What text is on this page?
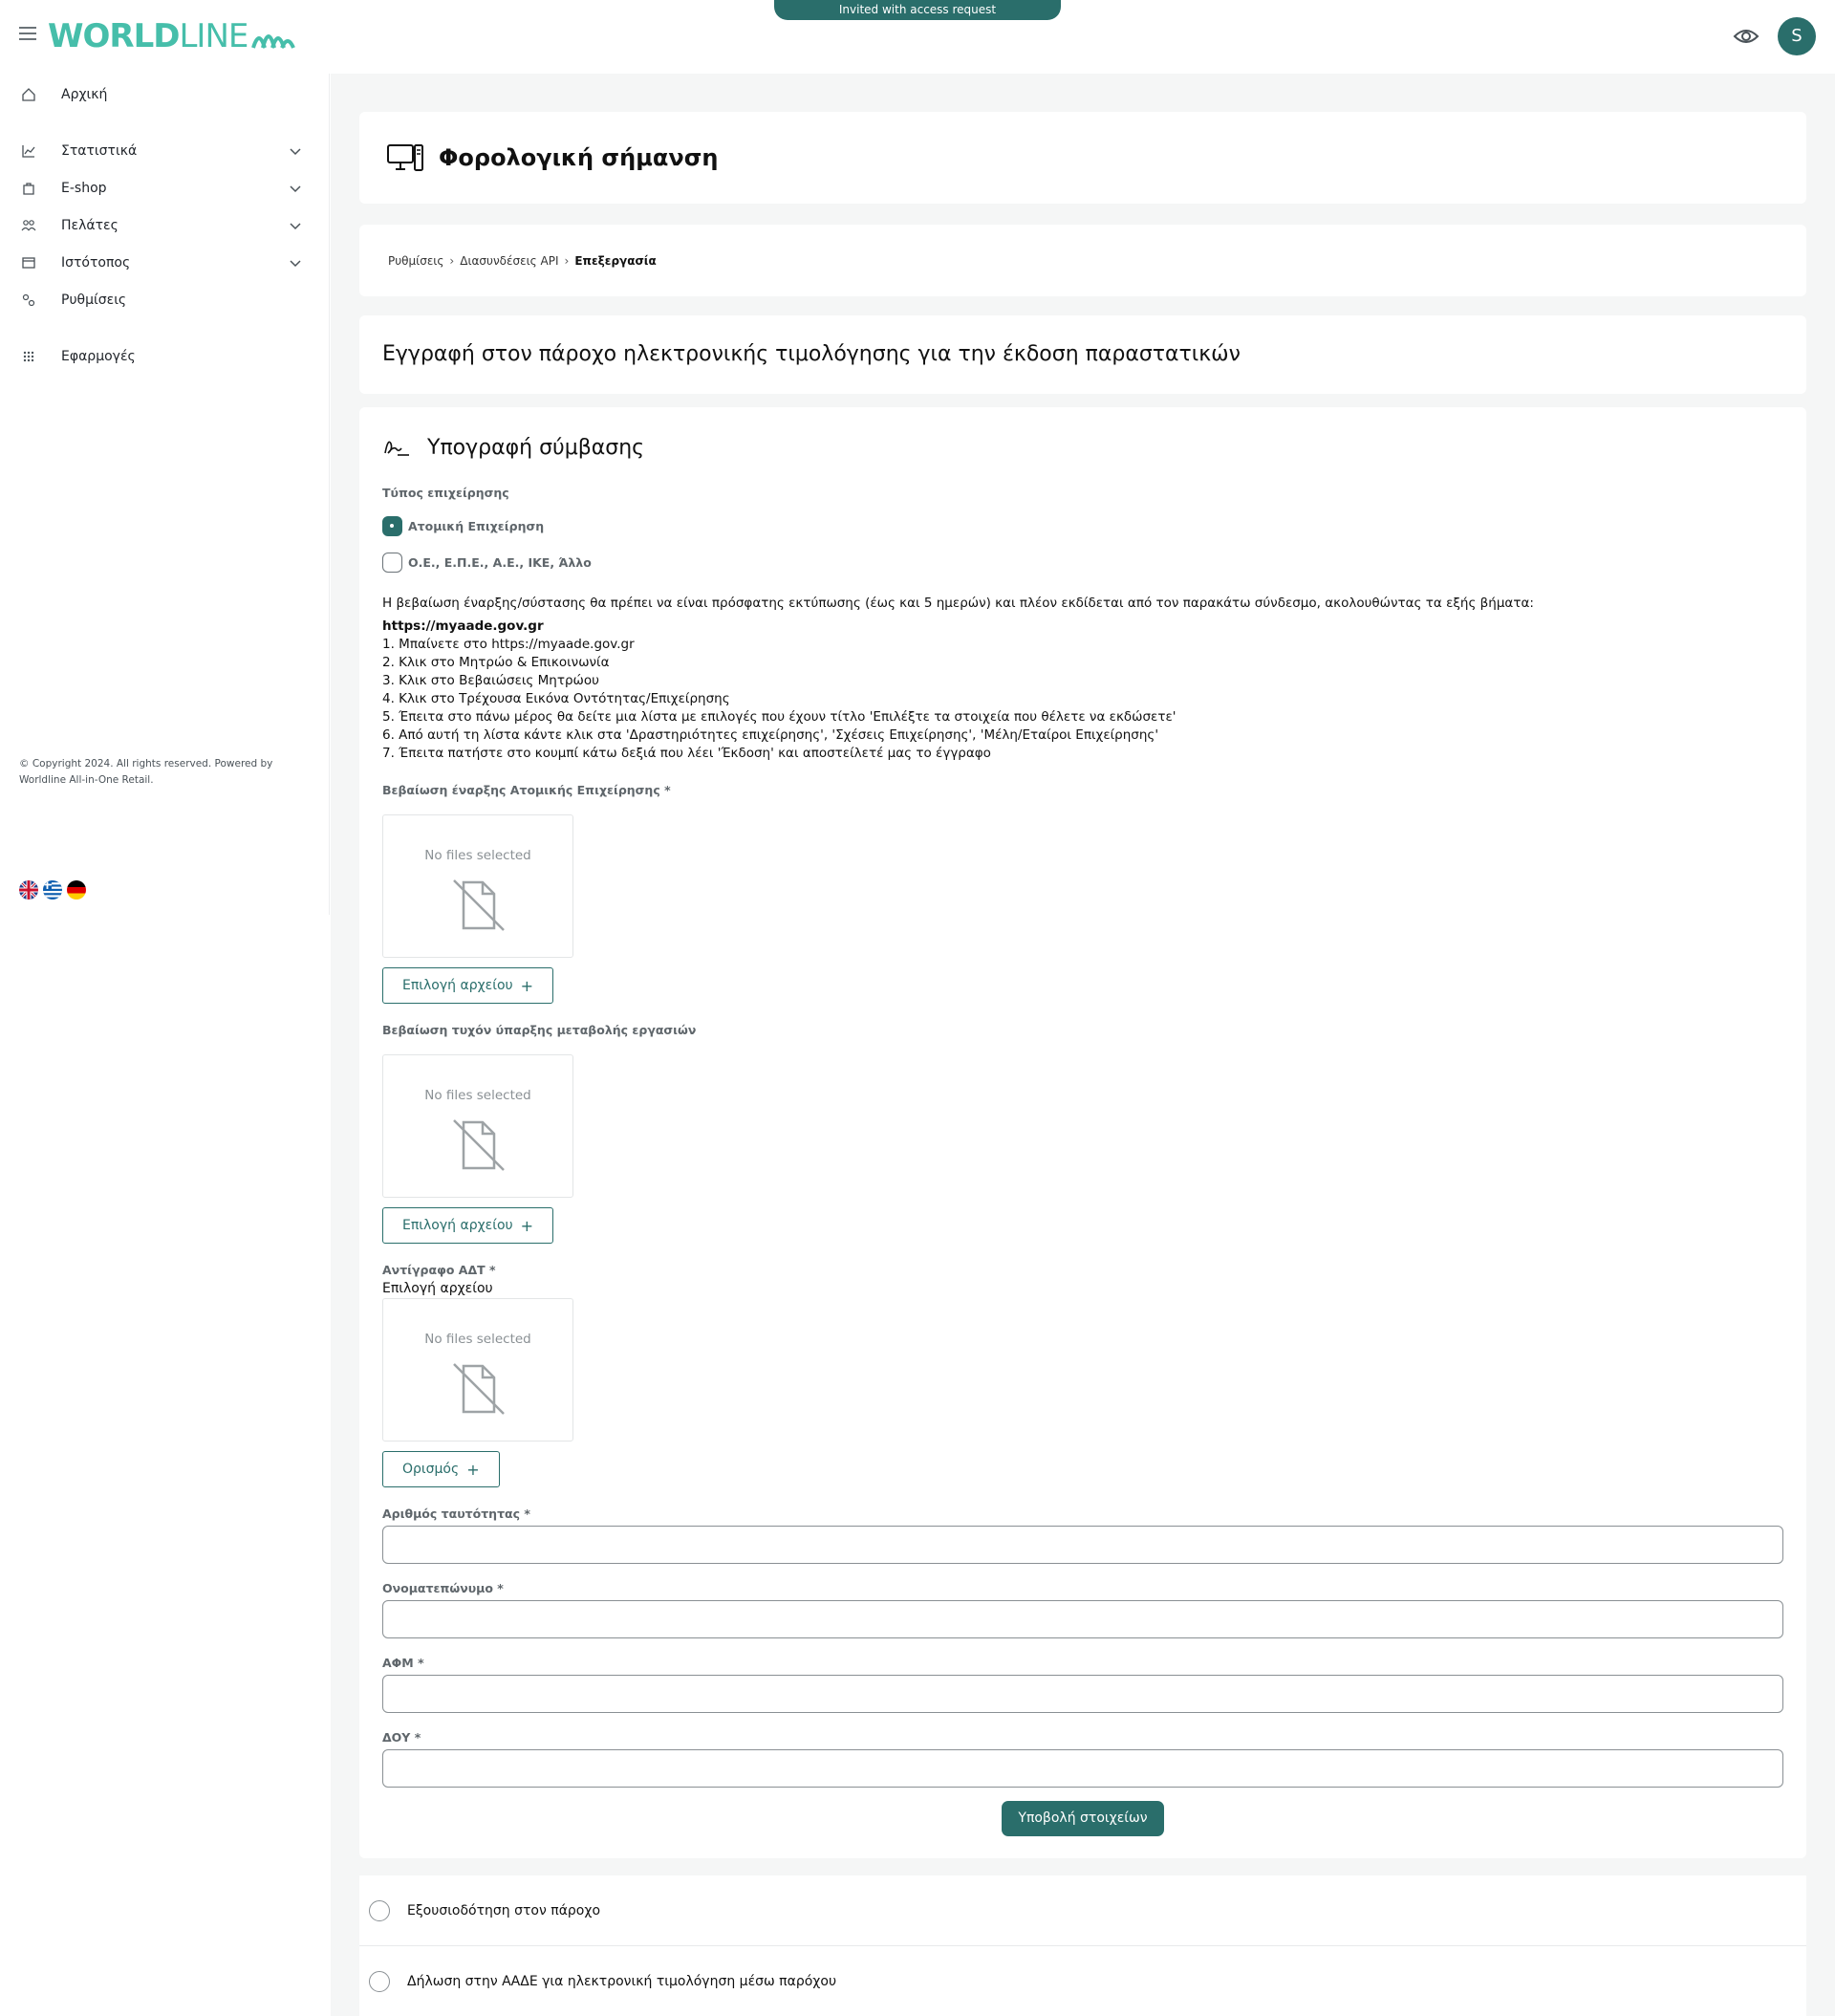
WORLDLINE
Invited with access request
S
Αρχική
Στατιστικά
E-shop
Πελάτες
Ιστότοπος
Ρυθμίσεις
Εφαρμογές
© Copyright 2024. All rights reserved. Powered by Worldline All-in-One Retail.
Φορολογική σήμανση
Ρυθμίσεις › Διασυνδέσεις API › Επεξεργασία
Εγγραφή στον πάροχο ηλεκτρονικής τιμολόγησης για την έκδοση παραστατικών
Υπογραφή σύμβασης
Τύπος επιχείρησης
Ατομική Επιχείρηση
Ο.Ε., Ε.Π.Ε., Α.Ε., ΙΚΕ, Άλλο
Η βεβαίωση έναρξης/σύστασης θα πρέπει να είναι πρόσφατης εκτύπωσης (έως και 5 ημερών) και πλέον εκδίδεται από τον παρακάτω σύνδεσμο, ακολουθώντας τα εξής βήματα:
https://myaade.gov.gr
1. Μπαίνετε στο https://myaade.gov.gr
2. Κλικ στο Μητρώο & Επικοινωνία
3. Κλικ στο Βεβαιώσεις Μητρώου
4. Κλικ στο Τρέχουσα Εικόνα Οντότητας/Επιχείρησης
5. Έπειτα στο πάνω μέρος θα δείτε μια λίστα με επιλογές που έχουν τίτλο 'Επιλέξτε τα στοιχεία που θέλετε να εκδώσετε'
6. Από αυτή τη λίστα κάντε κλικ στα 'Δραστηριότητες επιχείρησης', 'Σχέσεις Επιχείρησης', 'Μέλη/Εταίροι Επιχείρησης'
7. Έπειτα πατήστε στο κουμπί κάτω δεξιά που λέει 'Έκδοση' και αποστείλετέ μας το έγγραφο
Βεβαίωση έναρξης Ατομικής Επιχείρησης *
No files selected
Επιλογή αρχείου +
Βεβαίωση τυχόν ύπαρξης μεταβολής εργασιών
No files selected
Επιλογή αρχείου +
Αντίγραφο ΑΔΤ *
Επιλογή αρχείου
No files selected
Ορισμός +
Αριθμός ταυτότητας *
Ονοματεπώνυμο *
ΑΦΜ *
ΔΟΥ *
Υποβολή στοιχείων
Εξουσιοδότηση στον πάροχο
Δήλωση στην ΑΑΔΕ για ηλεκτρονική τιμολόγηση μέσω παρόχου
